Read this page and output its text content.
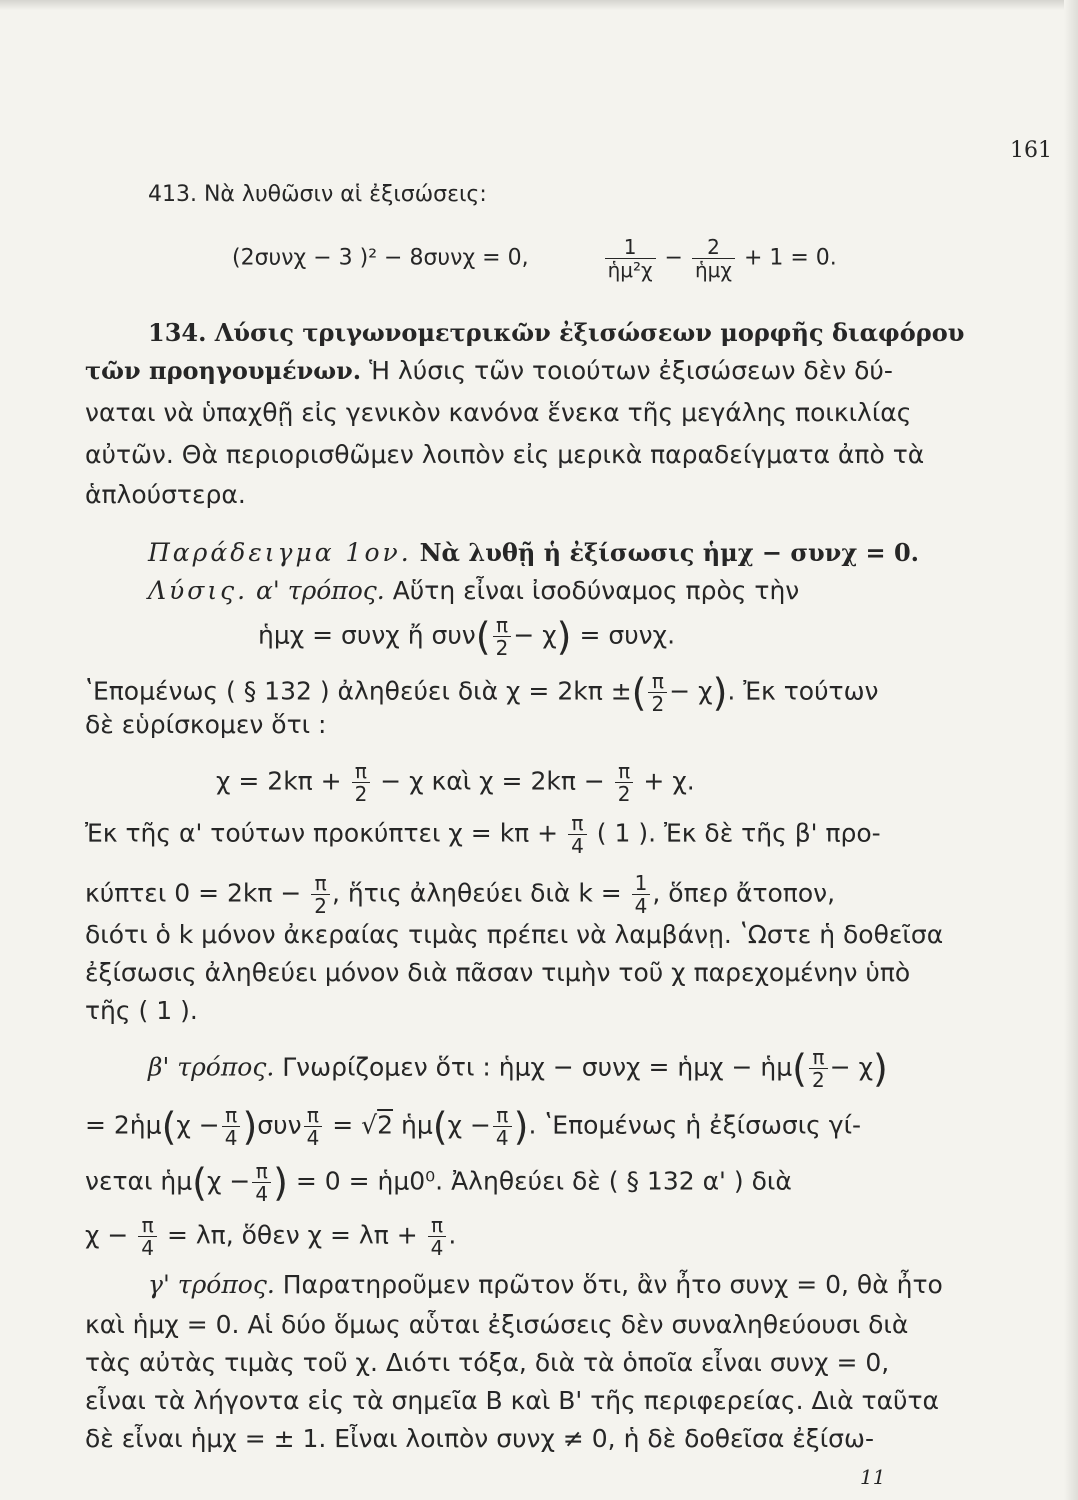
161
413. Νὰ λυθῶσιν αἱ ἐξισώσεις:
(2συνχ − 3 )² − 8συνχ = 0,	$\frac{1}{\text{ἡμ²χ}} - \frac{2}{\text{ἡμχ}} + 1 = 0$.
134. Λύσις τριγωνομετρικῶν ἐξισώσεων μορφῆς διαφόρου
τῶν προηγουμένων. Ἡ λύσις τῶν τοιούτων ἐξισώσεων δὲν δύ-
ναται νὰ ὑπαχθῇ εἰς γενικὸν κανόνα ἕνεκα τῆς μεγάλης ποικιλίας
αὐτῶν. Θὰ περιορισθῶμεν λοιπὸν εἰς μερικὰ παραδείγματα ἀπὸ τὰ
ἁπλούστερα.
Παράδειγμα 1ον. Νὰ λυθῇ ἡ ἐξίσωσις ἡμχ − συνχ = 0.
Λύσις. α' τρόπος. Αὕτη εἶναι ἰσοδύναμος πρὸς τὴν
ἡμχ = συνχ ἤ $\sigma\upsilon\nu( \frac{\pi}{2} - \chi) = \sigma\upsilon\nu\chi$.
ʽΕπομένως ( § 132 ) ἀληθεύει διὰ χ = 2kπ ±( $\frac{\pi}{2} - \chi$). Ἐκ τούτων
δὲ εὑρίσκομεν ὅτι :
$\chi = 2k\pi + \frac{\pi}{2} - \chi$ καὶ $\chi = 2k\pi - \frac{\pi}{2} + \chi$.
Ἐκ τῆς α' τούτων προκύπτει $\chi = k\pi + \frac{\pi}{4}$ ( 1 ). Ἐκ δὲ τῆς β' προ-
κύπτει $0 = 2k\pi - \frac{\pi}{2}$ , ἥτις ἀληθεύει διὰ $k = \frac{1}{4}$ , ὅπερ ἄτοπον,
διότι ὁ k μόνον ἀκεραίας τιμὰς πρέπει νὰ λαμβάνῃ. ʽΩστε ἡ δοθεῖσα
ἐξίσωσις ἀληθεύει μόνον διὰ πᾶσαν τιμὴν τοῦ χ παρεχομένην ὑπὸ
τῆς ( 1 ).
β' τρόπος. Γνωρίζομεν ὅτι : ἡμχ − συνχ = ἡμχ − ἡμ( $\frac{\pi}{2} - \chi$)
= 2ἡμ(χ − $\frac{\pi}{4} )\sigma\upsilon\nu \frac{\pi}{4} = √2$ ἡμ(χ − $\frac{\pi}{4}$ ). ʽΕπομένως ἡ ἐξίσωσις γί-
νεται ἡμ(χ − $\frac{\pi}{4}$ ) = 0 = ἡμ0⁰. Ἀληθεύει δὲ ( § 132 α' ) διὰ
$\chi - \frac{\pi}{4} = \lambda\pi$, ὅθεν $\chi = \lambda\pi + \frac{\pi}{4}$ .
γ' τρόπος. Παρατηροῦμεν πρῶτον ὅτι, ἂν ἦτο συνχ = 0, θὰ ἦτο
καὶ ἡμχ = 0. Αἱ δύο ὅμως αὗται ἐξισώσεις δὲν συναληθεύουσι διὰ
τὰς αὐτὰς τιμὰς τοῦ χ. Διότι τόξα, διὰ τὰ ὁποῖα εἶναι συνχ = 0,
εἶναι τὰ λήγοντα εἰς τὰ σημεῖα Β καὶ Β' τῆς περιφερείας. Διὰ ταῦτα
δὲ εἶναι ἡμχ = ± 1. Εἶναι λοιπὸν συνχ ≠ 0, ἡ δὲ δοθεῖσα ἐξίσω-
11
